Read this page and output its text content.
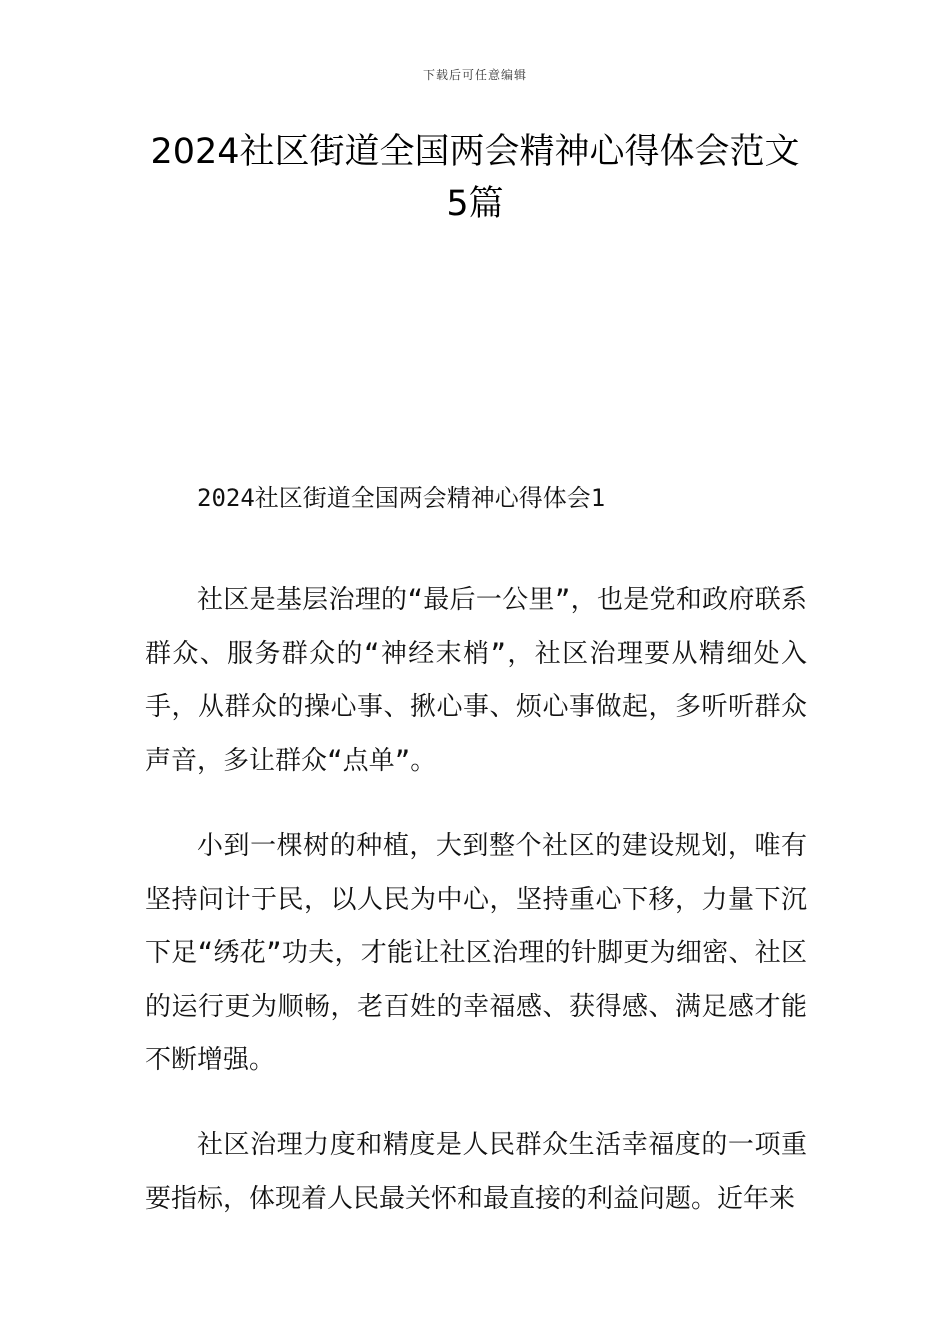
下载后可任意编辑
2024社区街道全国两会精神心得体会范文
5篇
2024社区街道全国两会精神心得体会1

社区是基层治理的“最后一公里”，也是党和政府联系群众、服务群众的“神经末梢”，社区治理要从精细处入手，从群众的操心事、揪心事、烦心事做起，多听听群众声音，多让群众“点单”。

小到一棵树的种植，大到整个社区的建设规划，唯有坚持问计于民，以人民为中心，坚持重心下移，力量下沉下足“绣花”功夫，才能让社区治理的针脚更为细密、社区的运行更为顺畅，老百姓的幸福感、获得感、满足感才能不断增强。

社区治理力度和精度是人民群众生活幸福度的一项重要指标，体现着人民最关怀和最直接的利益问题。近年来
